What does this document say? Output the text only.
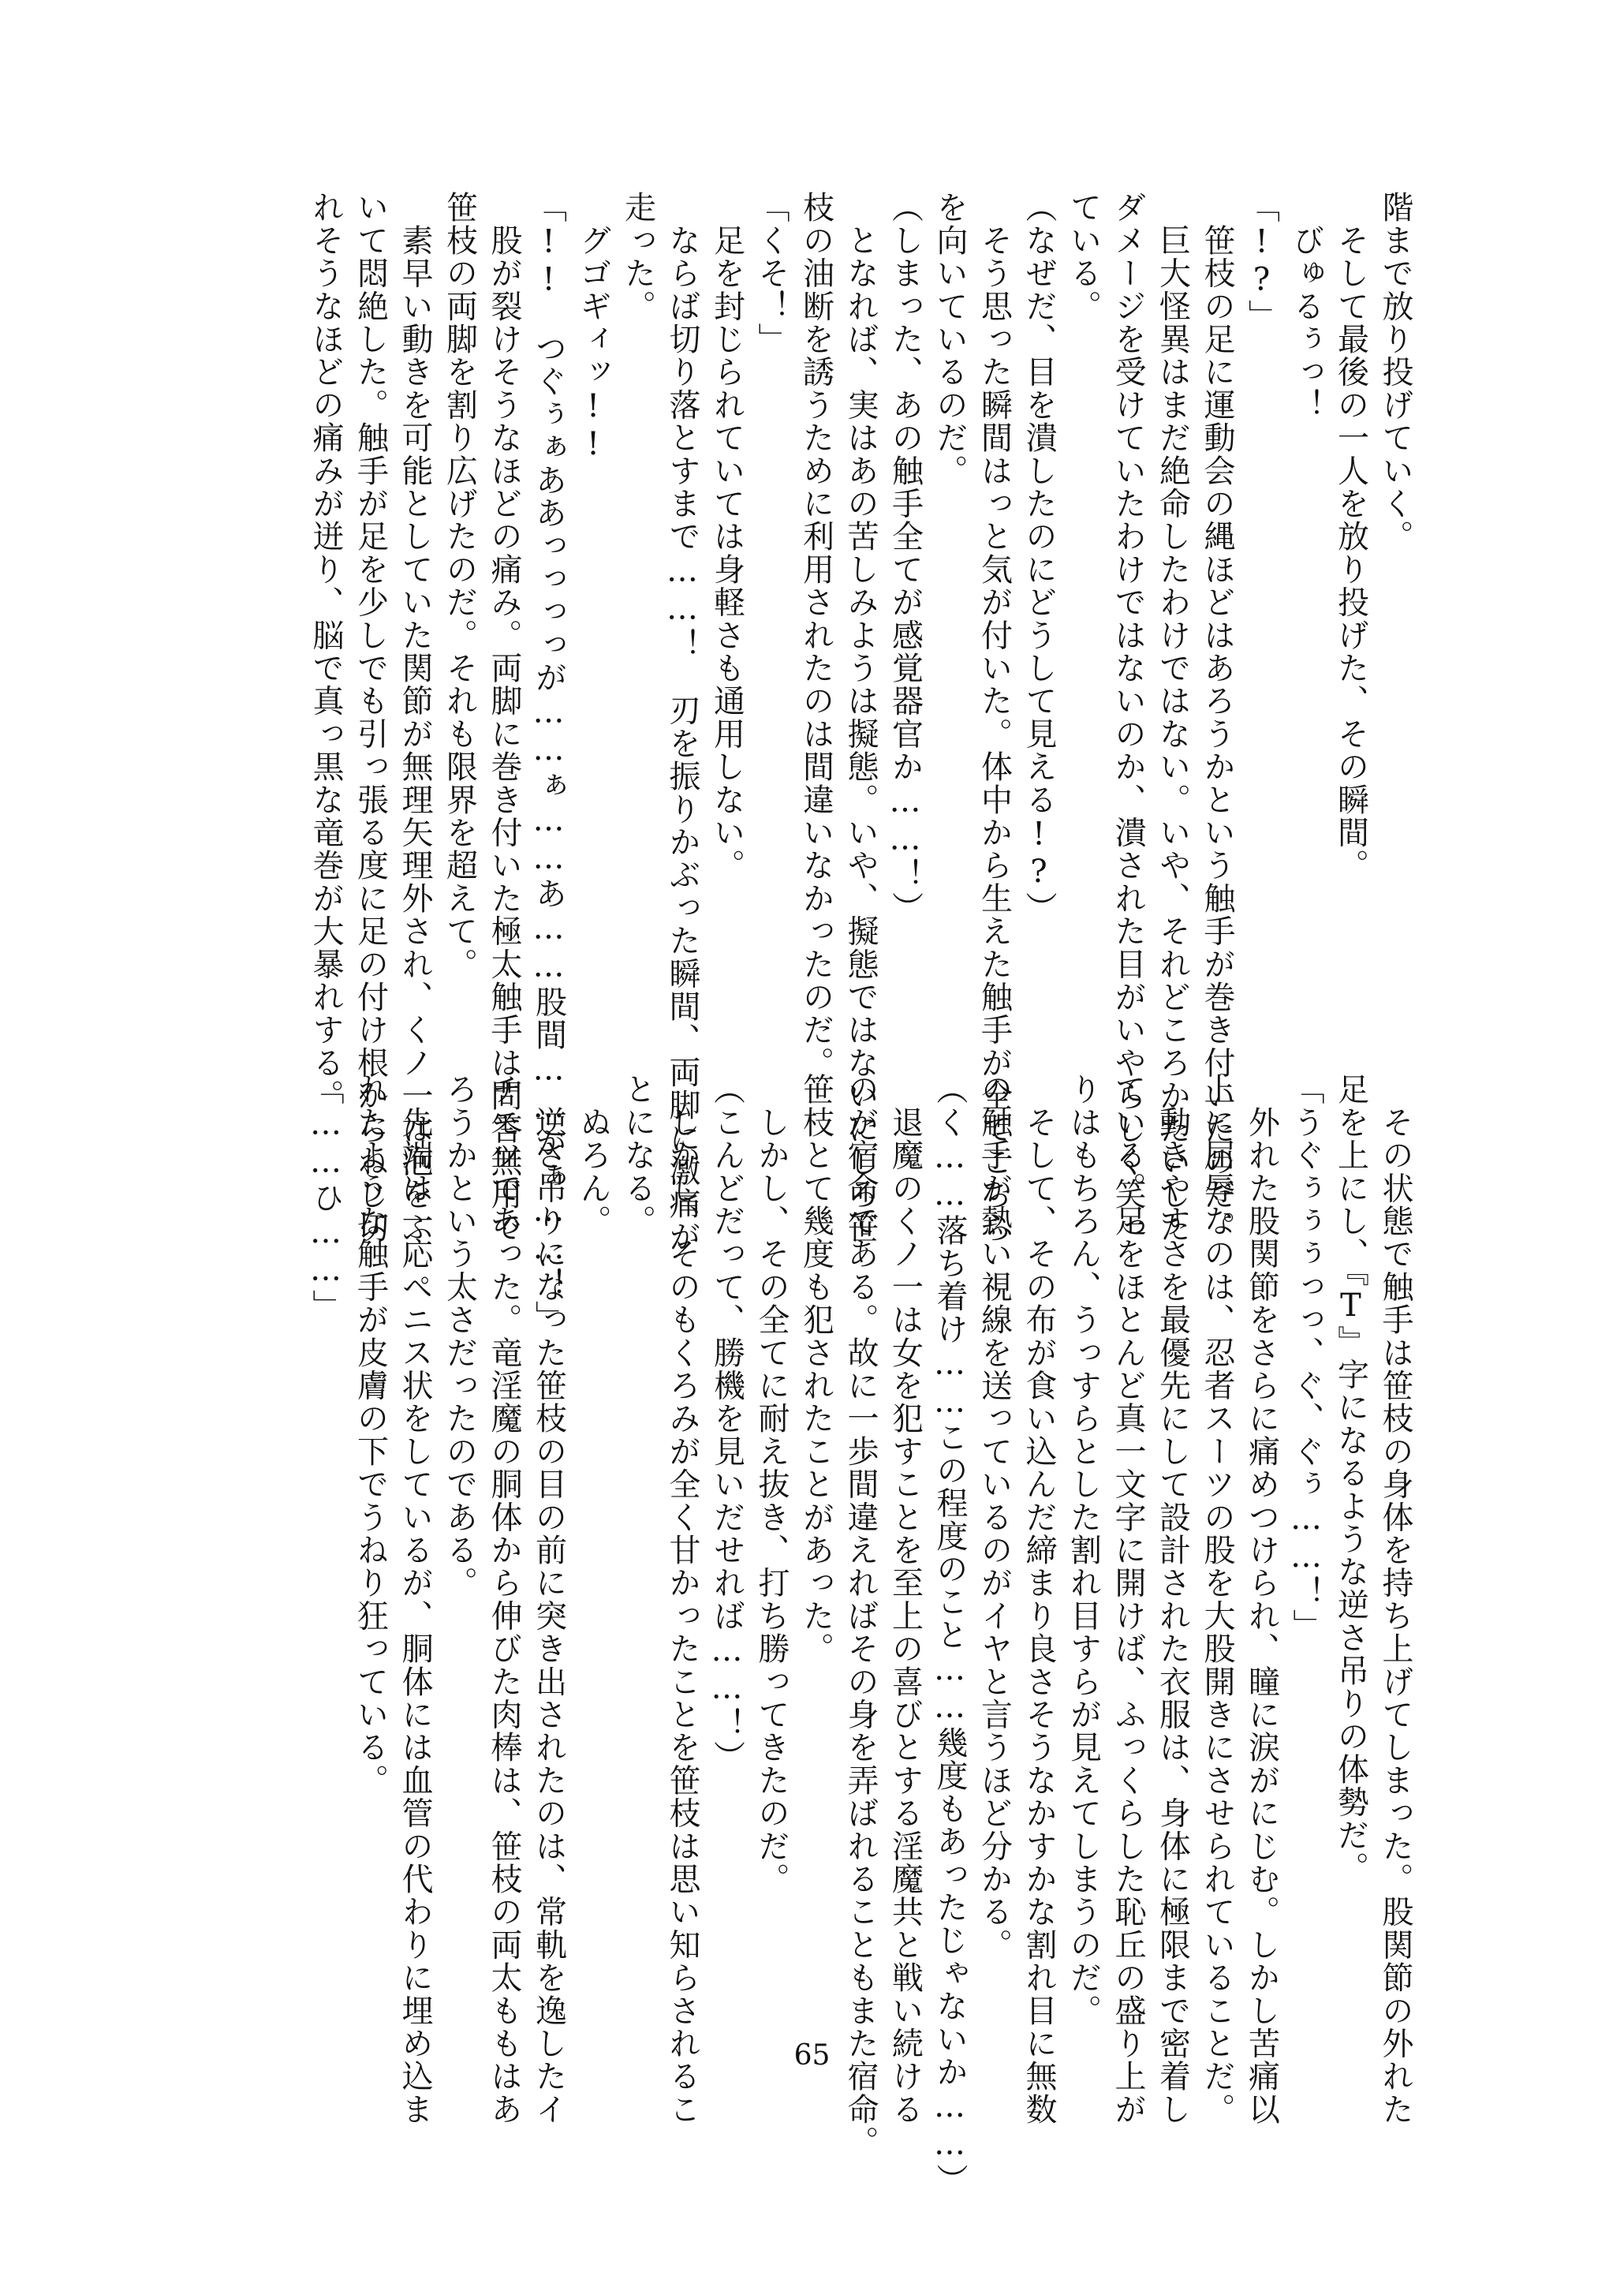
階まで放り投げていく。
　そして最後の一人を放り投げた、その瞬間。
　びゅるぅっ！
「!?」
　笹枝の足に運動会の縄ほどはあろうかという触手が巻き付いたのだ。
　巨大怪異はまだ絶命したわけではない。いや、それどころかたいした
ダメージを受けていたわけではないのか、潰された目がいやらしく笑っ
ている。
（なぜだ、目を潰したのにどうして見える!?）
　そう思った瞬間はっと気が付いた。体中から生えた触手が全てこちら
を向いているのだ。
（しまった、あの触手全てが感覚器官か……！）
　となれば、実はあの苦しみようは擬態。いや、擬態ではないにしろ笹
枝の油断を誘うために利用されたのは間違いなかったのだ。
「くそ！」
　足を封じられていては身軽さも通用しない。
　ならば切り落とすまで……！　刃を振りかぶった瞬間、両脚に激痛が
走った。
　グゴギィッ!!
「!!　つぐぅぁああっっっっが……ぁ……あ……股間……がぁ……！」
　股が裂けそうなほどの痛み。両脚に巻き付いた極太触手は問答無用で
笹枝の両脚を割り広げたのだ。それも限界を超えて。
　素早い動きを可能としていた関節が無理矢理外され、くノ一は泡をふ
いて悶絶した。触手が足を少しでも引っ張る度に足の付け根からねじ切
れそうなほどの痛みが迸り、脳で真っ黒な竜巻が大暴れする。
　その状態で触手は笹枝の身体を持ち上げてしまった。股関節の外れた
足を上にし、『T』字になるような逆さ吊りの体勢だ。
「うぐぅぅぅっっ、ぐ、ぐぅ……！」
　外れた股関節をさらに痛めつけられ、瞳に涙がにじむ。しかし苦痛以
上に屈辱なのは、忍者スーツの股を大股開きにさせられていることだ。
　動きやすさを最優先にして設計された衣服は、身体に極限まで密着し
ている。足をほとんど真一文字に開けば、ふっくらした恥丘の盛り上が
りはもちろん、うっすらとした割れ目すらが見えてしまうのだ。
　そして、その布が食い込んだ締まり良さそうなかすかな割れ目に無数
の触手が熱い視線を送っているのがイヤと言うほど分かる。
（く……落ち着け……この程度のこと……幾度もあったじゃないか……）
　退魔のくノ一は女を犯すことを至上の喜びとする淫魔共と戦い続ける
のが宿命である。故に一歩間違えればその身を弄ばれることもまた宿命。
笹枝とて幾度も犯されたことがあった。
　しかし、その全てに耐え抜き、打ち勝ってきたのだ。
（こんどだって、勝機を見いだせれば……！）
　しかし、そのもくろみが全く甘かったことを笹枝は思い知らされるこ
とになる。
　ぬろん。
　逆さ吊りになった笹枝の目の前に突き出されたのは、常軌を逸したイ
チモツであった。竜淫魔の胴体から伸びた肉棒は、笹枝の両太ももはあ
ろうかという太さだったのである。
　先端は一応ペニス状をしているが、胴体には血管の代わりに埋め込ま
れたような触手が皮膚の下でうねり狂っている。
「……ひ……」
65
